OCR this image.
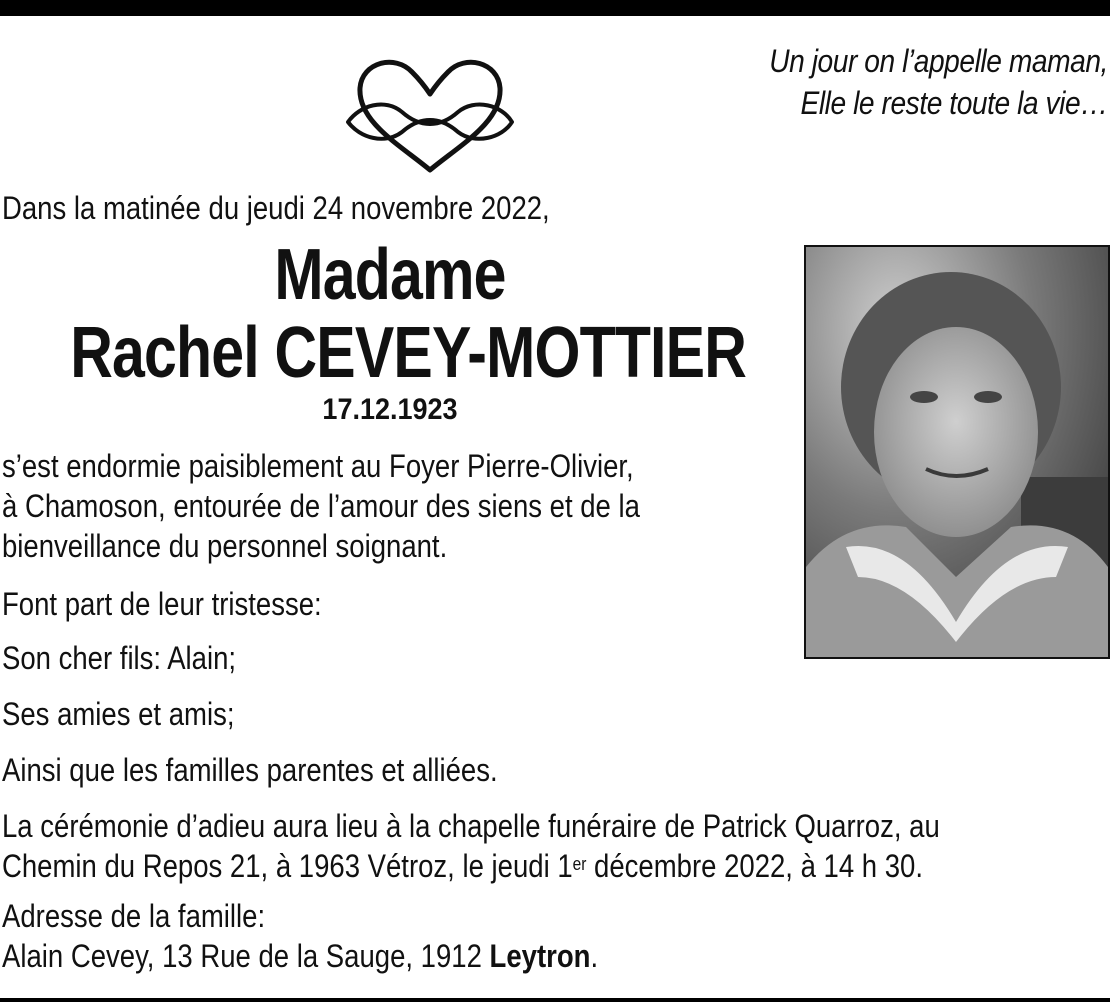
Un jour on l’appelle maman,
Elle le reste toute la vie…
Dans la matinée du jeudi 24 novembre 2022,
Madame
Rachel CEVEY-MOTTIER
17.12.1923
s’est endormie paisiblement au Foyer Pierre-Olivier,
à Chamoson, entourée de l’amour des siens et de la
bienveillance du personnel soignant.
Font part de leur tristesse:
Son cher fils: Alain;
Ses amies et amis;
Ainsi que les familles parentes et alliées.
La cérémonie d’adieu aura lieu à la chapelle funéraire de Patrick Quarroz, au
Chemin du Repos 21, à 1963 Vétroz, le jeudi 1er décembre 2022, à 14 h 30.
Adresse de la famille:
Alain Cevey, 13 Rue de la Sauge, 1912 Leytron.
